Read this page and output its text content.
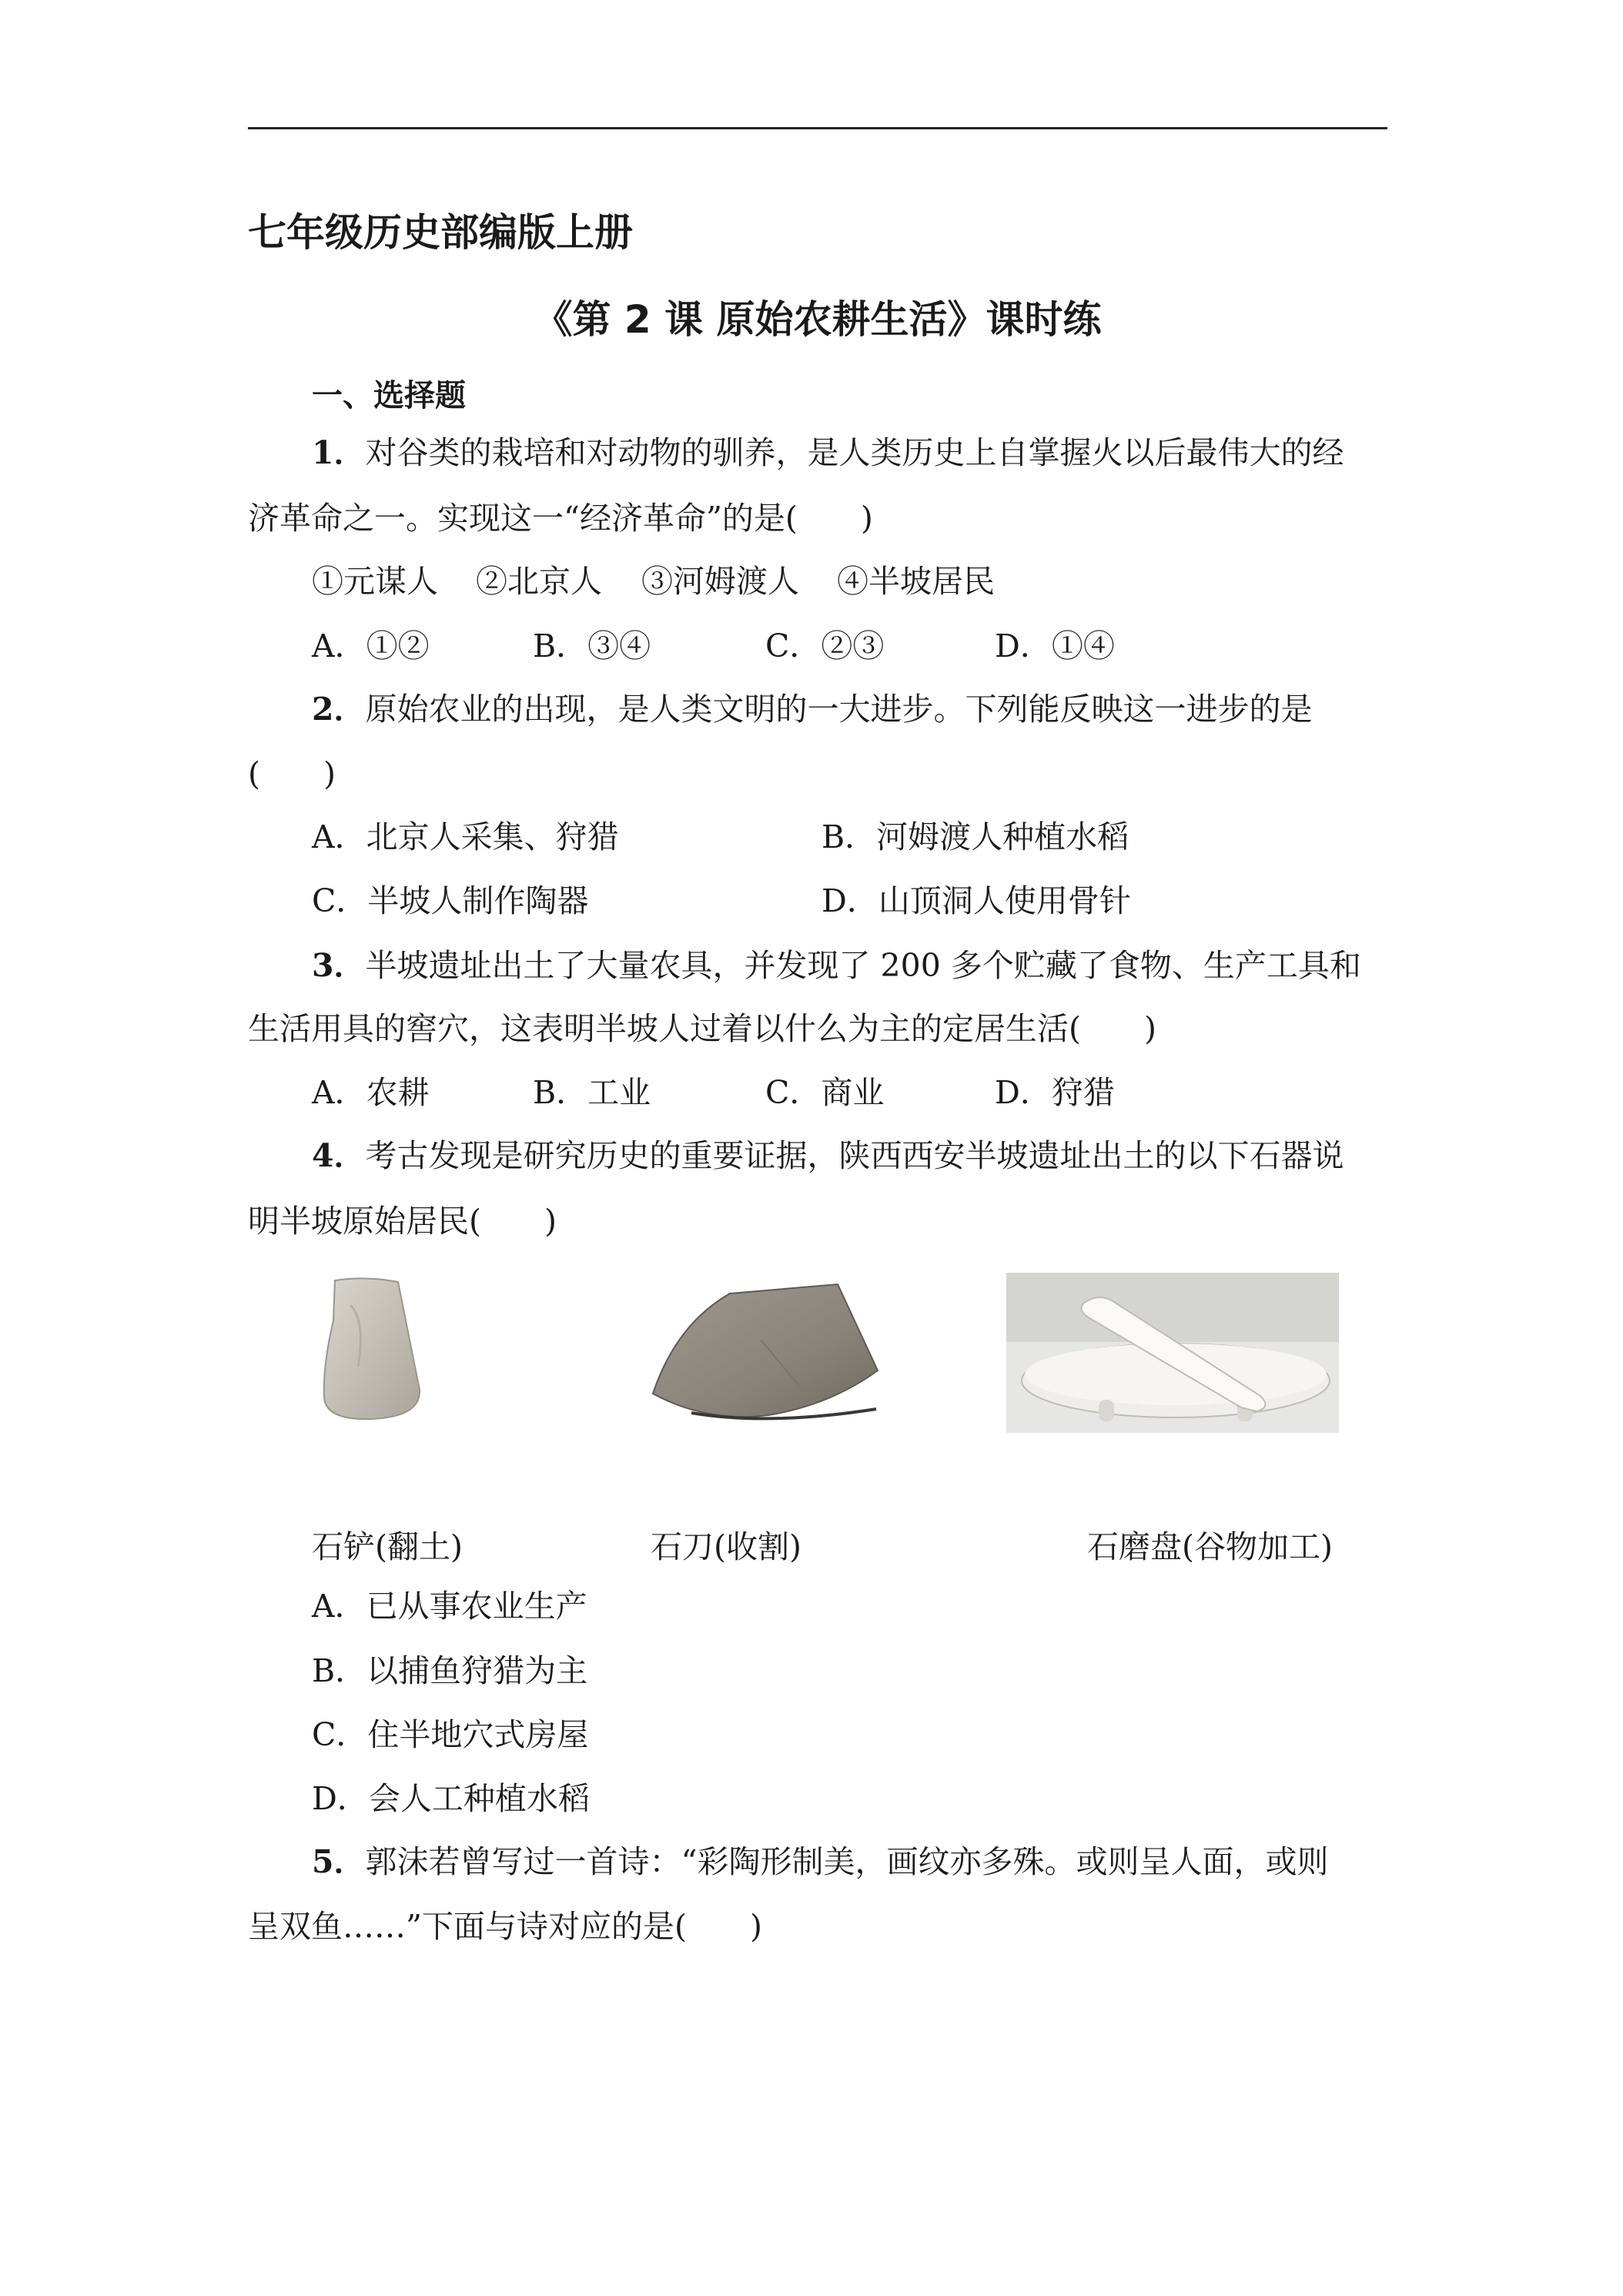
七年级历史部编版上册
《第 2 课 原始农耕生活》课时练
一、选择题
1．对谷类的栽培和对动物的驯养，是人类历史上自掌握火以后最伟大的经
济革命之一。实现这一“经济革命”的是(　　)
①元谋人 ②北京人 ③河姆渡人 ④半坡居民
A．①②	B．③④	C．②③	D．①④
2．原始农业的出现，是人类文明的一大进步。下列能反映这一进步的是
(　　)
A．北京人采集、狩猎	B．河姆渡人种植水稻
C．半坡人制作陶器	D．山顶洞人使用骨针
3．半坡遗址出土了大量农具，并发现了 200 多个贮藏了食物、生产工具和
生活用具的窖穴，这表明半坡人过着以什么为主的定居生活(　　)
A．农耕	B．工业	C．商业	D．狩猎
4．考古发现是研究历史的重要证据，陕西西安半坡遗址出土的以下石器说
明半坡原始居民(　　)
石铲(翻土)	石刀(收割)	石磨盘(谷物加工)
A．已从事农业生产
B．以捕鱼狩猎为主
C．住半地穴式房屋
D．会人工种植水稻
5．郭沫若曾写过一首诗：“彩陶形制美，画纹亦多殊。或则呈人面，或则
呈双鱼……”下面与诗对应的是(　　)
